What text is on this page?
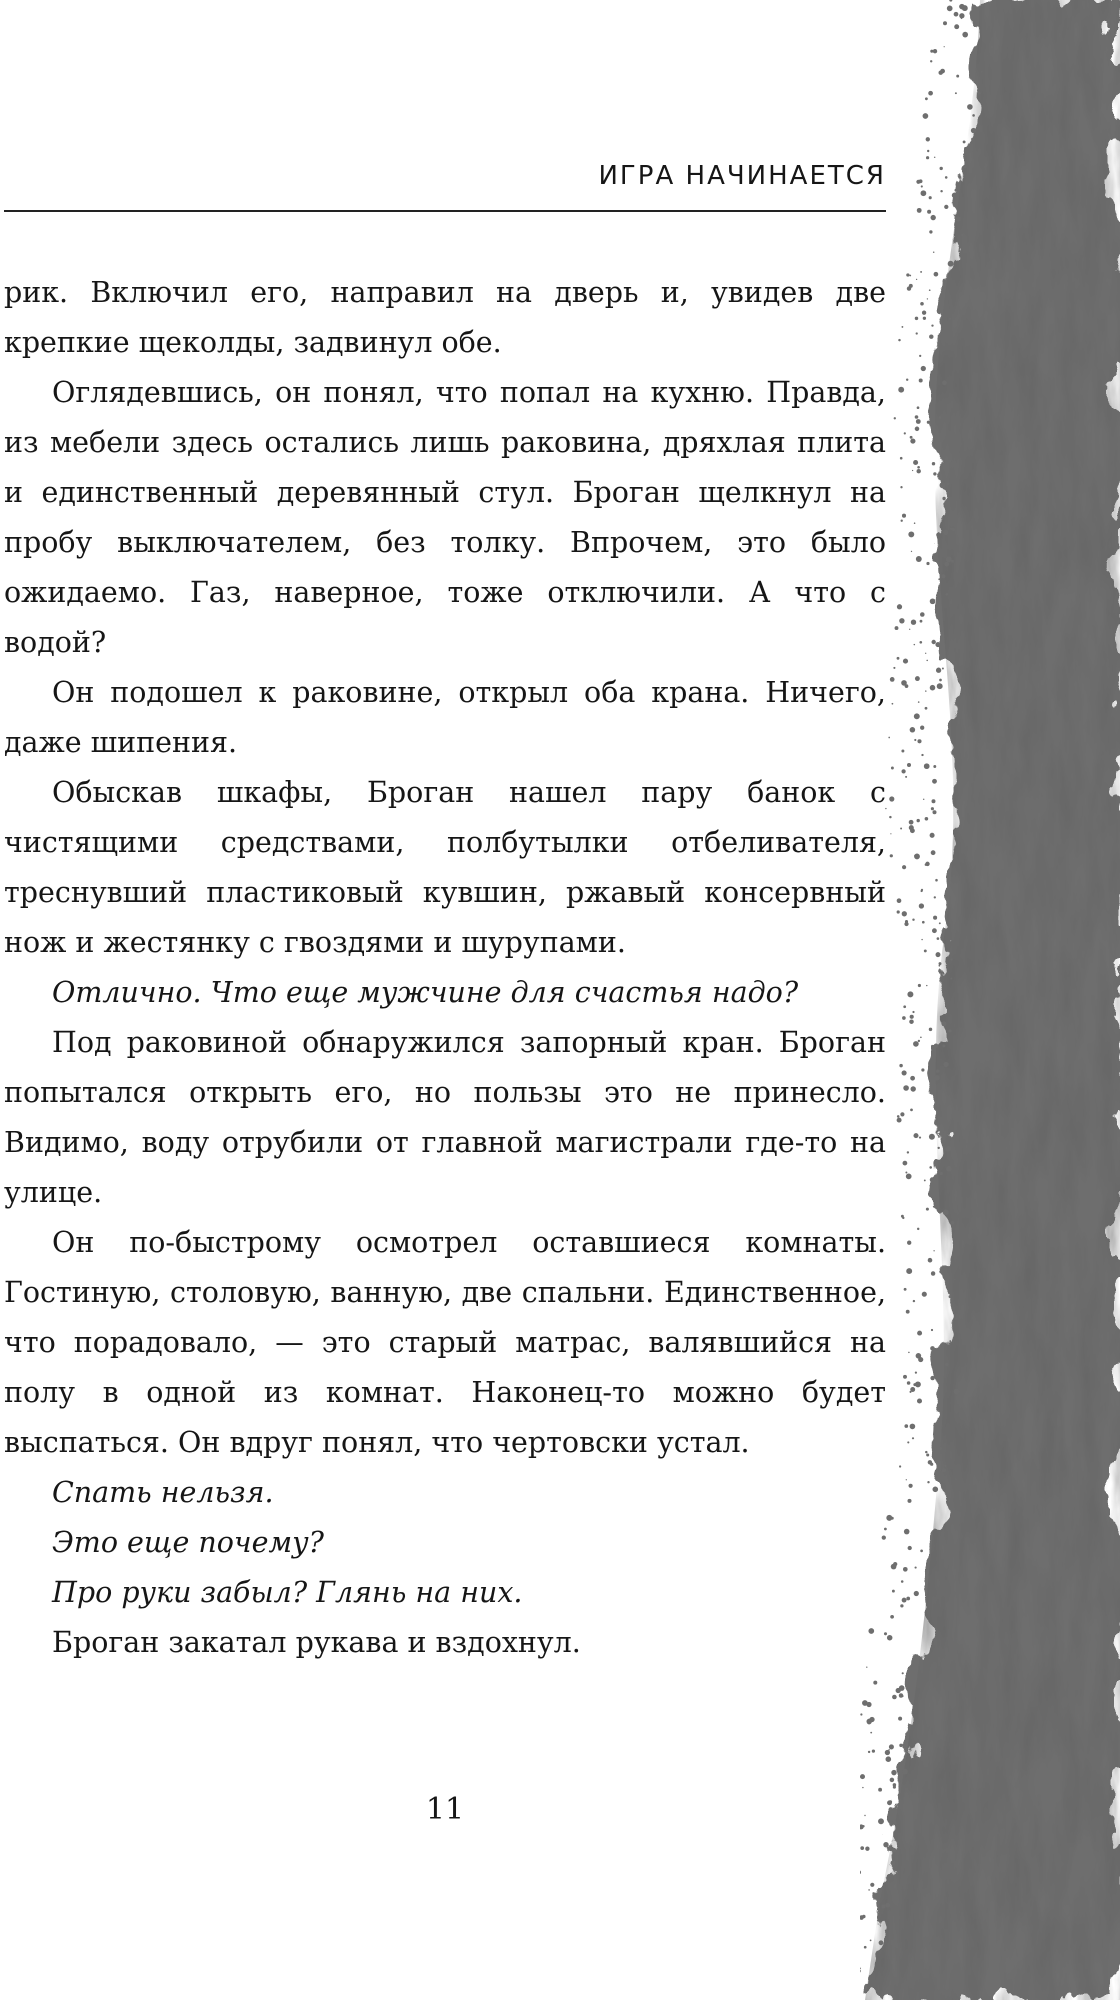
ИГРА НАЧИНАЕТСЯ

рик. Включил его, направил на дверь и, увидев две крепкие щеколды, задвинул обе.

Оглядевшись, он понял, что попал на кухню. Правда, из мебели здесь остались лишь раковина, дряхлая плита и единственный деревянный стул. Броган щелкнул на пробу выключателем, без толку. Впрочем, это было ожидаемо. Газ, наверное, тоже отключили. А что с водой?

Он подошел к раковине, открыл оба крана. Ничего, даже шипения.

Обыскав шкафы, Броган нашел пару банок с чистящими средствами, полбутылки отбеливателя, треснувший пластиковый кувшин, ржавый консервный нож и жестянку с гвоздями и шурупами.

Отлично. Что еще мужчине для счастья надо?

Под раковиной обнаружился запорный кран. Броган попытался открыть его, но пользы это не принесло. Видимо, воду отрубили от главной магистрали где-то на улице.

Он по-быстрому осмотрел оставшиеся комнаты. Гостиную, столовую, ванную, две спальни. Единственное, что порадовало, — это старый матрас, валявшийся на полу в одной из комнат. Наконец-то можно будет выспаться. Он вдруг понял, что чертовски устал.

Спать нельзя.

Это еще почему?

Про руки забыл? Глянь на них.

Броган закатал рукава и вздохнул.

11
